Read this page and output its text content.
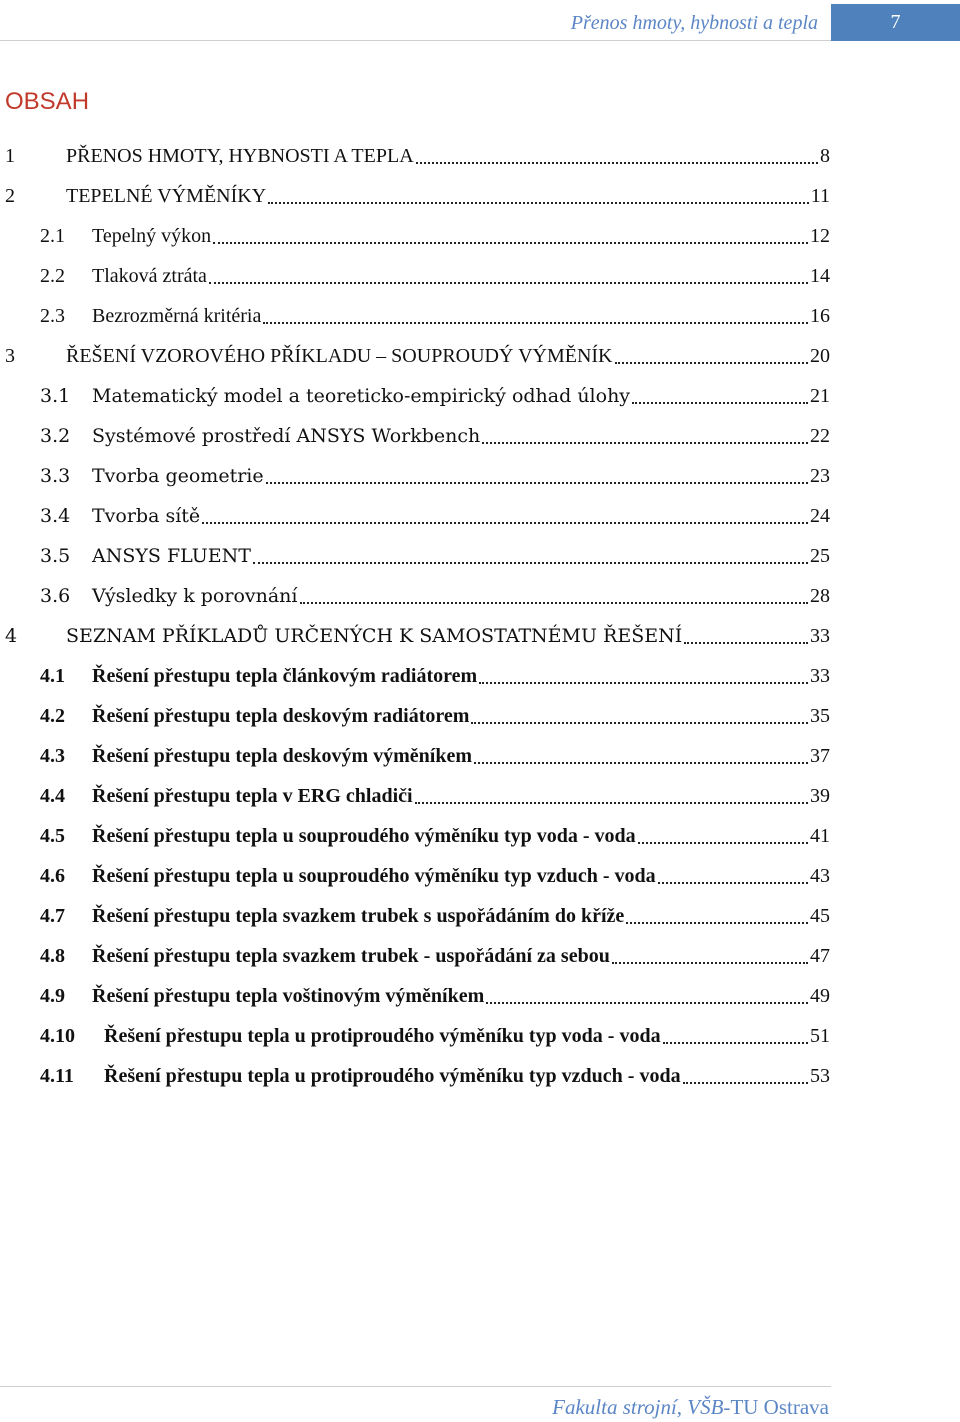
Přenos hmoty, hybnosti a tepla	7
OBSAH
1	PŘENOS HMOTY, HYBNOSTI A TEPLA	8
2	TEPELNÉ VÝMĚNÍKY	11
2.1 Tepelný výkon	12
2.2 Tlaková ztráta	14
2.3 Bezrozměrná kritéria	16
3	ŘEŠENÍ VZOROVÉHO PŘÍKLADU – SOUPROUDÝ VÝMĚNÍK	20
3.1 Matematický model a teoreticko-empirický odhad úlohy	21
3.2 Systémové prostředí ANSYS Workbench	22
3.3 Tvorba geometrie	23
3.4 Tvorba sítě	24
3.5 ANSYS FLUENT	25
3.6 Výsledky k porovnání	28
4	SEZNAM PŘÍKLADŮ URČENÝCH K SAMOSTATNÉMU ŘEŠENÍ	33
4.1 Řešení přestupu tepla článkovým radiátorem	33
4.2 Řešení přestupu tepla deskovým radiátorem	35
4.3 Řešení přestupu tepla deskovým výměníkem	37
4.4 Řešení přestupu tepla v ERG chladiči	39
4.5 Řešení přestupu tepla u souproudého výměníku typ voda - voda	41
4.6 Řešení přestupu tepla u souproudého výměníku typ vzduch - voda	43
4.7 Řešení přestupu tepla svazkem trubek s uspořádáním do kříže	45
4.8 Řešení přestupu tepla svazkem trubek - uspořádání za sebou	47
4.9 Řešení přestupu tepla voštinovým výměníkem	49
4.10 Řešení přestupu tepla u protiproudého výměníku typ voda - voda	51
4.11 Řešení přestupu tepla u protiproudého výměníku typ vzduch - voda	53
Fakulta strojní, VŠB-TU Ostrava
